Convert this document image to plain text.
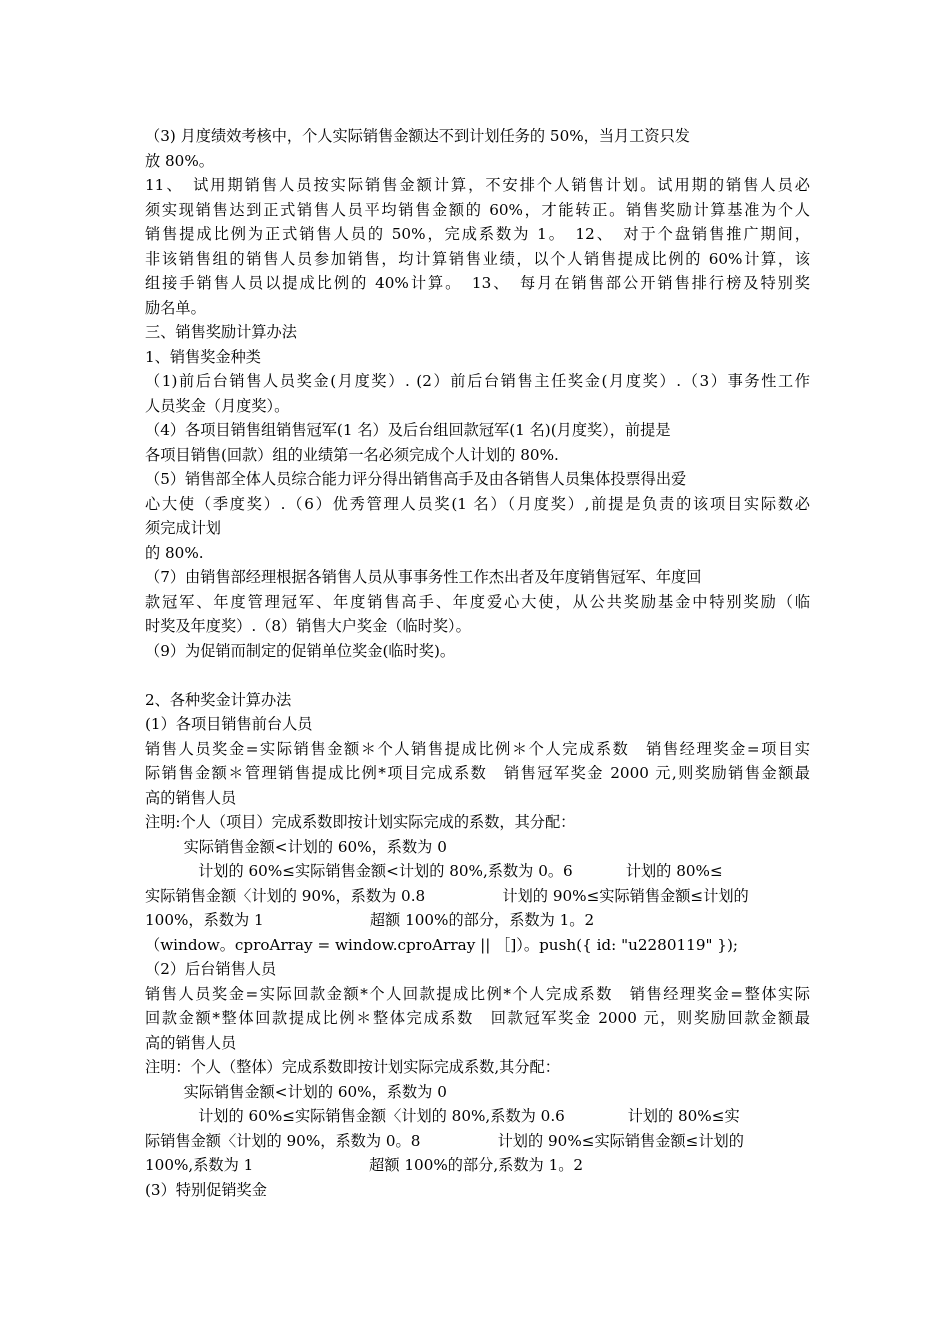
（3) 月度绩效考核中，个人实际销售金额达不到计划任务的 50%，当月工资只发
放 80%。
11、　试用期销售人员按实际销售金额计算，不安排个人销售计划。试用期的销售人员必
须实现销售达到正式销售人员平均销售金额的 60%，才能转正。销售奖励计算基准为个人
销售提成比例为正式销售人员的 50%，完成系数为 1。　12、　对于个盘销售推广期间，
非该销售组的销售人员参加销售，均计算销售业绩，以个人销售提成比例的 60%计算，该
组接手销售人员以提成比例的 40%计算。　13、　每月在销售部公开销售排行榜及特别奖
励名单。
三、销售奖励计算办法
1、销售奖金种类
（1)前后台销售人员奖金(月度奖）. (2）前后台销售主任奖金(月度奖）.（3）事务性工作
人员奖金（月度奖）。
（4）各项目销售组销售冠军(1 名）及后台组回款冠军(1 名)(月度奖），前提是
各项目销售(回款）组的业绩第一名必须完成个人计划的 80%.
（5）销售部全体人员综合能力评分得出销售高手及由各销售人员集体投票得出爱
心大使（季度奖）.（6）优秀管理人员奖(1 名）（月度奖）,前提是负责的该项目实际数必
须完成计划
的 80%.
（7）由销售部经理根据各销售人员从事事务性工作杰出者及年度销售冠军、年度回
款冠军、年度管理冠军、年度销售高手、年度爱心大使，从公共奖励基金中特别奖励（临
时奖及年度奖）.（8）销售大户奖金（临时奖）。
（9）为促销而制定的促销单位奖金(临时奖)。
2、各种奖金计算办法
(1）各项目销售前台人员
销售人员奖金=实际销售金额＊个人销售提成比例＊个人完成系数　销售经理奖金=项目实
际销售金额＊管理销售提成比例*项目完成系数　销售冠军奖金 2000 元,则奖励销售金额最
高的销售人员
注明:个人（项目）完成系数即按计划实际完成的系数，其分配：
实际销售金额<计划的 60%，系数为 0
计划的 60%≤实际销售金额<计划的 80%,系数为 0。6           计划的 80%≤
实际销售金额〈计划的 90%，系数为 0.8                计划的 90%≤实际销售金额≤计划的
100%，系数为 1                      超额 100%的部分，系数为 1。2
（window。cproArray = window.cproArray || ［]）。push({ id: "u2280119" });
（2）后台销售人员
销售人员奖金=实际回款金额*个人回款提成比例*个人完成系数　销售经理奖金=整体实际
回款金额*整体回款提成比例＊整体完成系数　回款冠军奖金 2000 元，则奖励回款金额最
高的销售人员
注明：个人（整体）完成系数即按计划实际完成系数,其分配：
实际销售金额<计划的 60%，系数为 0
计划的 60%≤实际销售金额〈计划的 80%,系数为 0.6             计划的 80%≤实
际销售金额〈计划的 90%，系数为 0。8                计划的 90%≤实际销售金额≤计划的
100%,系数为 1                        超额 100%的部分,系数为 1。2
(3）特别促销奖金
